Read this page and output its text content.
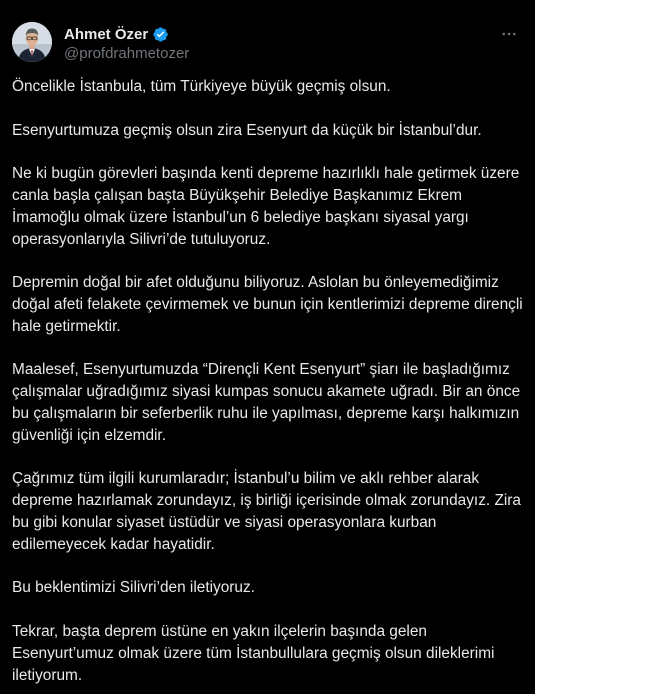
Ahmet Özer
@profdrahmetozer

Öncelikle İstanbula, tüm Türkiyeye büyük geçmiş olsun.

Esenyurtumuza geçmiş olsun zira Esenyurt da küçük bir İstanbul’dur.

Ne ki bugün görevleri başında kenti depreme hazırlıklı hale getirmek üzere canla başla çalışan başta Büyükşehir Belediye Başkanımız Ekrem İmamoğlu olmak üzere İstanbul’un 6 belediye başkanı siyasal yargı operasyonlarıyla Silivri’de tutuluyoruz.

Depremin doğal bir afet olduğunu biliyoruz. Aslolan bu önleyemediğimiz doğal afeti felakete çevirmemek ve bunun için kentlerimizi depreme dirençli hale getirmektir.

Maalesef, Esenyurtumuzda “Dirençli Kent Esenyurt” şiarı ile başladığımız çalışmalar uğradığımız siyasi kumpas sonucu akamete uğradı. Bir an önce bu çalışmaların bir seferberlik ruhu ile yapılması, depreme karşı halkımızın güvenliği için elzemdir.

Çağrımız tüm ilgili kurumlaradır; İstanbul’u bilim ve aklı rehber alarak depreme hazırlamak zorundayız, iş birliği içerisinde olmak zorundayız. Zira bu gibi konular siyaset üstüdür ve siyasi operasyonlara kurban edilemeyecek kadar hayatidir.

Bu beklentimizi Silivri’den iletiyoruz.

Tekrar, başta deprem üstüne en yakın ilçelerin başında gelen Esenyurt’umuz olmak üzere tüm İstanbullulara geçmiş olsun dileklerimi iletiyorum.
